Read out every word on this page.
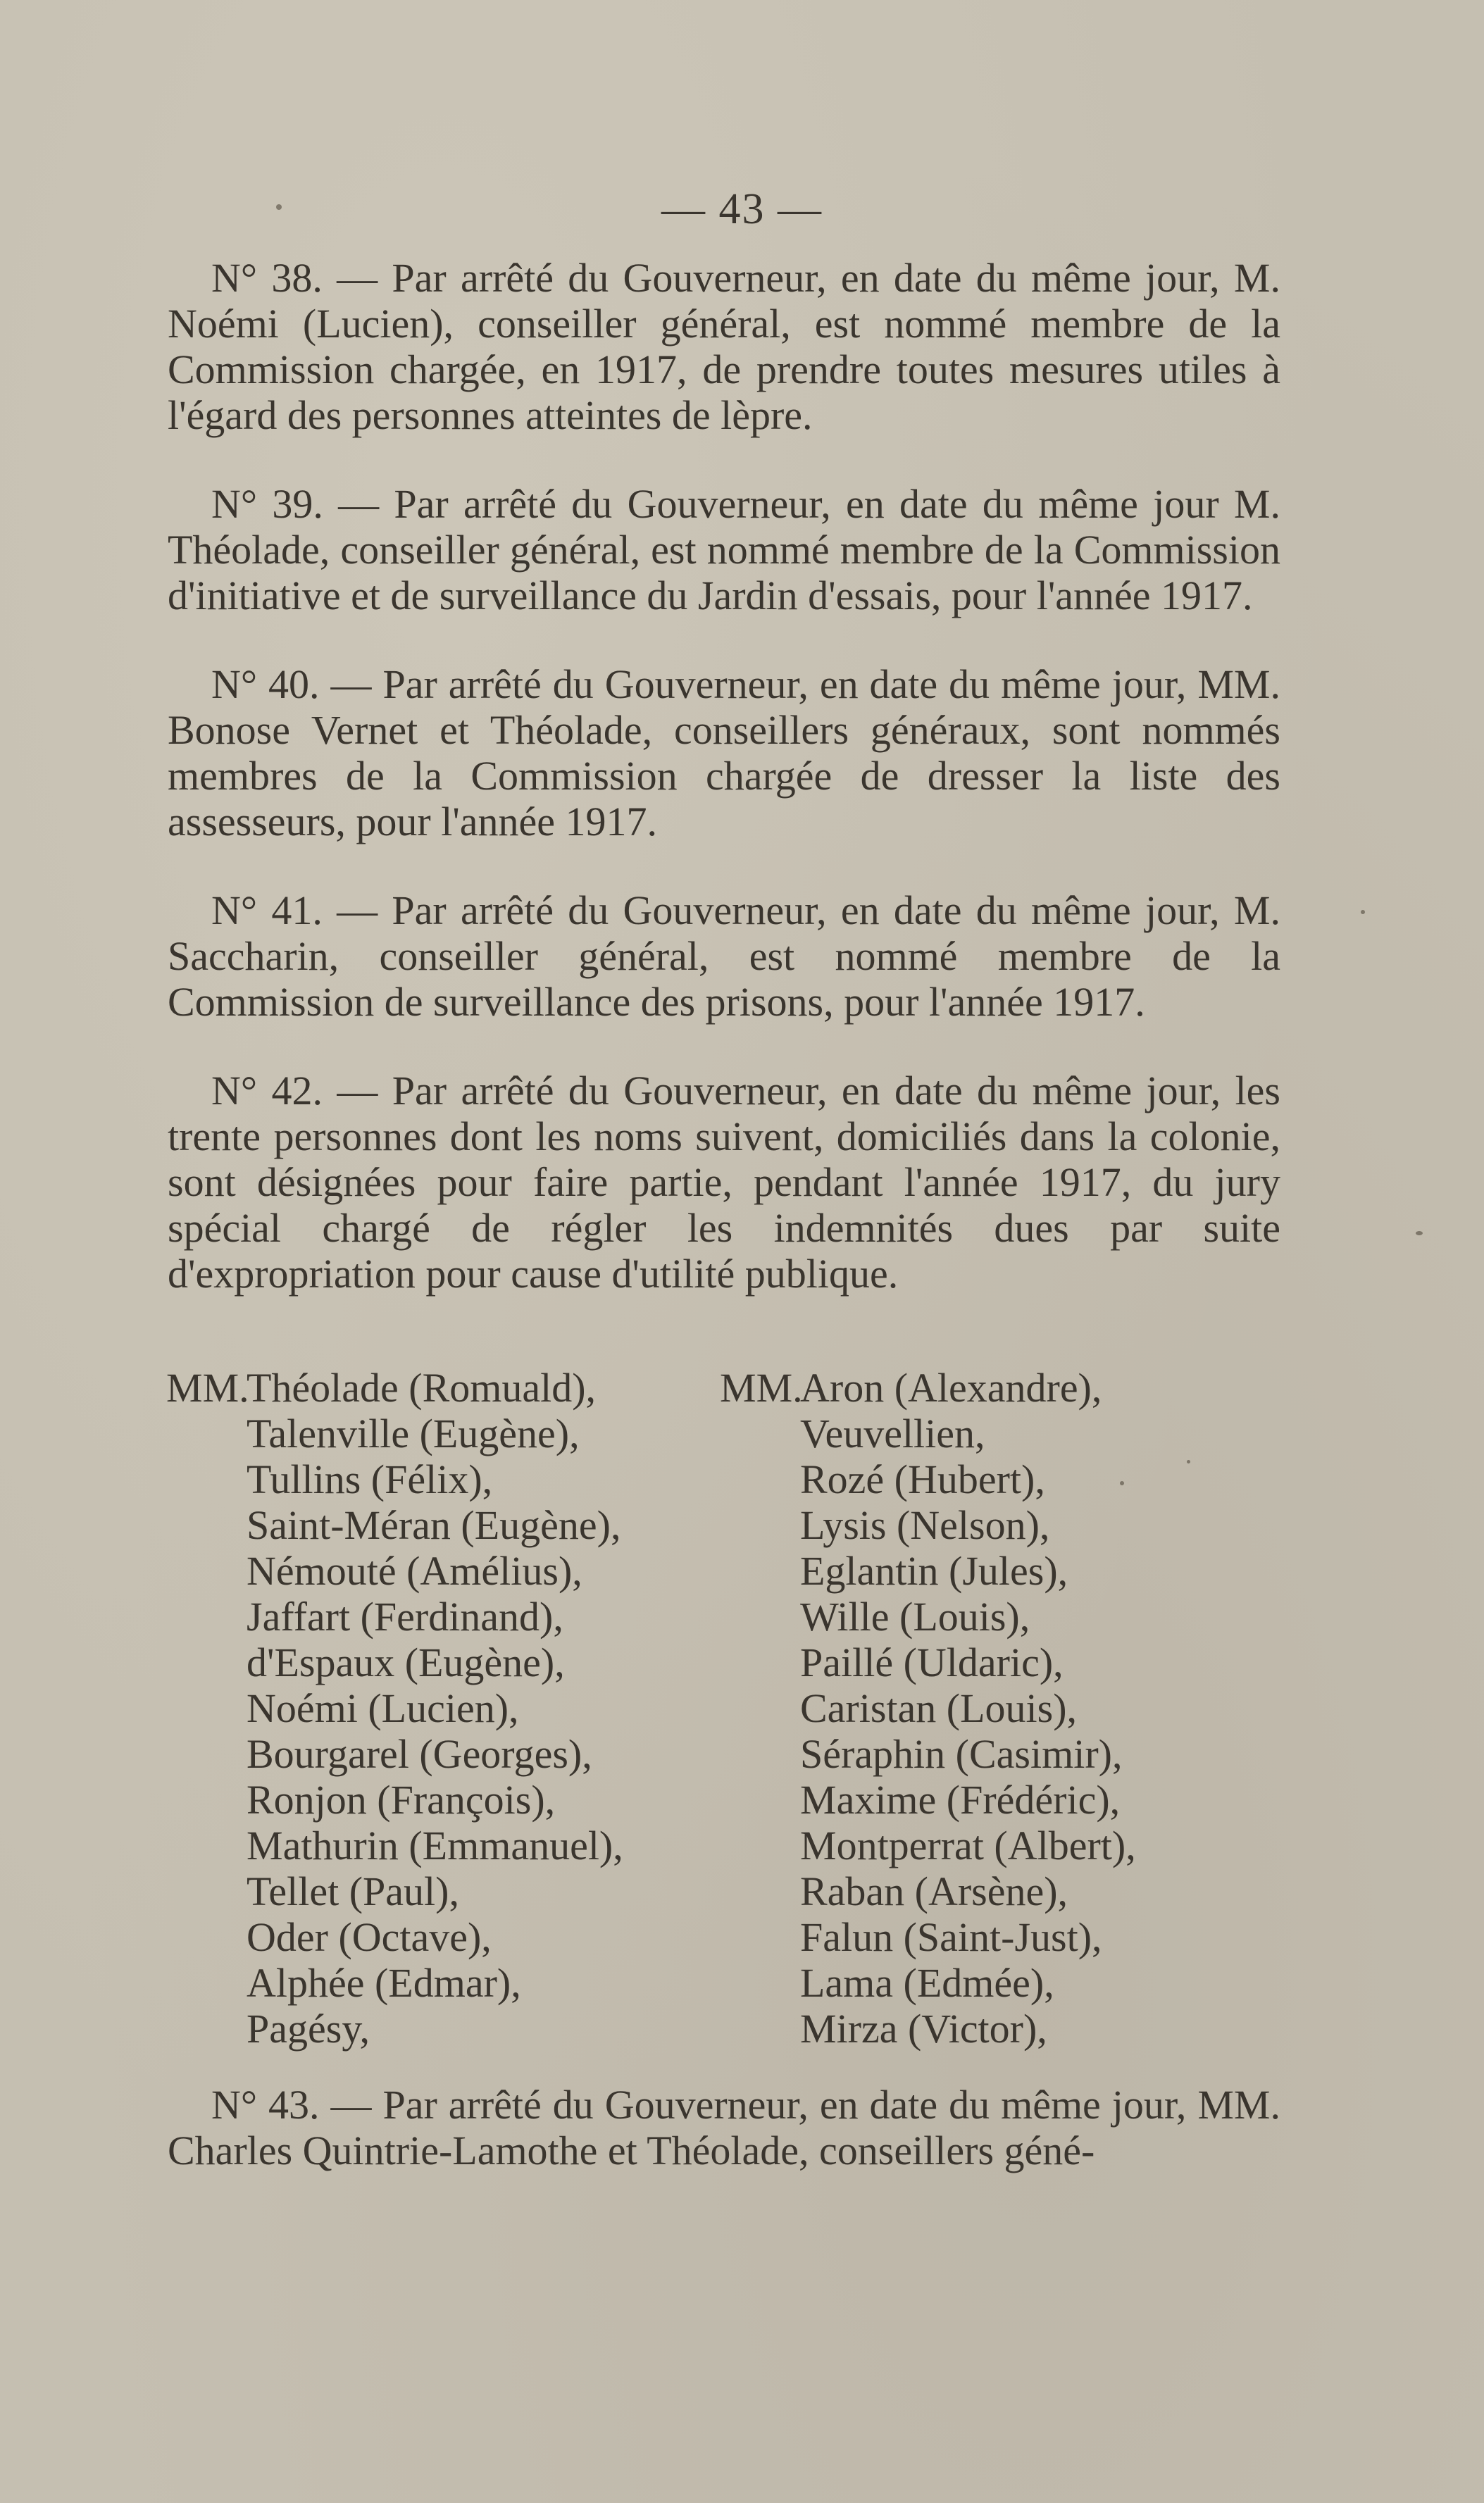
— 43 —

N° 38. — Par arrêté du Gouverneur, en date du même jour, M. Noémi (Lucien), conseiller général, est nommé membre de la Commission chargée, en 1917, de prendre toutes mesures utiles à l'égard des personnes atteintes de lèpre.

N° 39. — Par arrêté du Gouverneur, en date du même jour M. Théolade, conseiller général, est nommé membre de la Commission d'initiative et de surveillance du Jardin d'essais, pour l'année 1917.

N° 40. — Par arrêté du Gouverneur, en date du même jour, MM. Bonose Vernet et Théolade, conseillers généraux, sont nommés membres de la Commission chargée de dresser la liste des assesseurs, pour l'année 1917.

N° 41. — Par arrêté du Gouverneur, en date du même jour, M. Saccharin, conseiller général, est nommé membre de la Commission de surveillance des prisons, pour l'année 1917.

N° 42. — Par arrêté du Gouverneur, en date du même jour, les trente personnes dont les noms suivent, domiciliés dans la colonie, sont désignées pour faire partie, pendant l'année 1917, du jury spécial chargé de régler les indemnités dues par suite d'expropriation pour cause d'utilité publique.

MM.Théolade (Romuald),
Talenville (Eugène),
Tullins (Félix),
Saint-Méran (Eugène),
Némouté (Amélius),
Jaffart (Ferdinand),
d'Espaux (Eugène),
Noémi (Lucien),
Bourgarel (Georges),
Ronjon (François),
Mathurin (Emmanuel),
Tellet (Paul),
Oder (Octave),
Alphée (Edmar),
Pagésy,
MM.Aron (Alexandre),
Veuvellien,
Rozé (Hubert),
Lysis (Nelson),
Eglantin (Jules),
Wille (Louis),
Paillé (Uldaric),
Caristan (Louis),
Séraphin (Casimir),
Maxime (Frédéric),
Montperrat (Albert),
Raban (Arsène),
Falun (Saint-Just),
Lama (Edmée),
Mirza (Victor),

N° 43. — Par arrêté du Gouverneur, en date du même jour, MM. Charles Quintrie-Lamothe et Théolade, conseillers géné-
